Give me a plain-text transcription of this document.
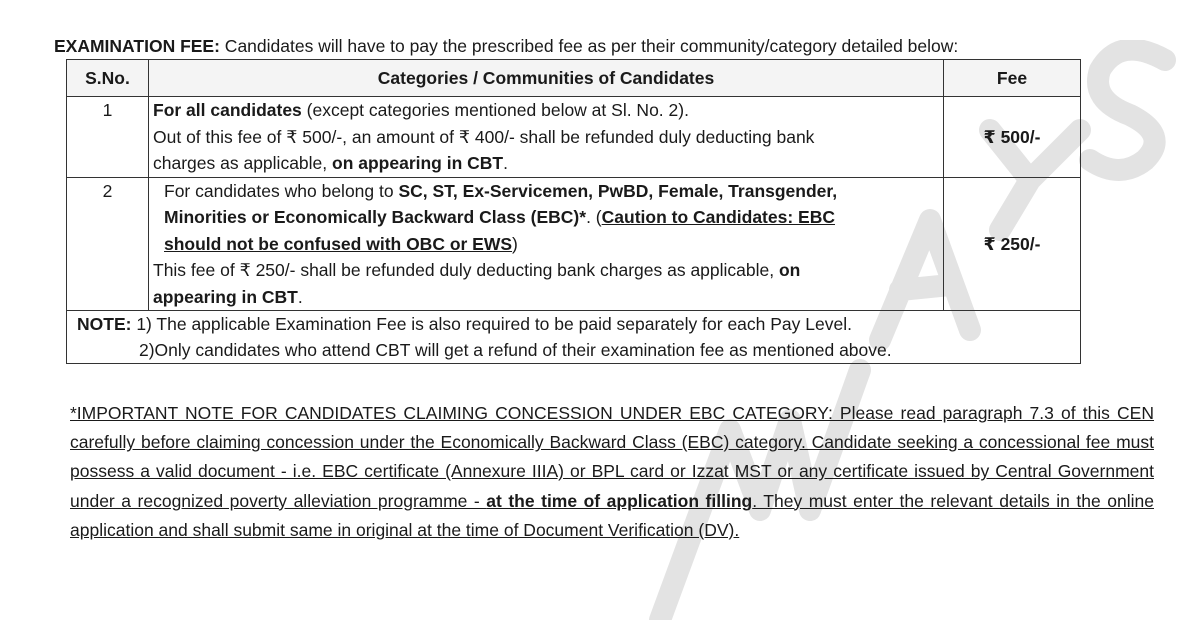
EXAMINATION FEE: Candidates will have to pay the prescribed fee as per their community/category detailed below:
S.No.	Categories / Communities of Candidates	Fee
1	For all candidates (except categories mentioned below at Sl. No. 2).
Out of this fee of ₹ 500/-, an amount of ₹ 400/- shall be refunded duly deducting bank
charges as applicable, on appearing in CBT.	₹ 500/-
2	For candidates who belong to SC, ST, Ex-Servicemen, PwBD, Female, Transgender,
Minorities or Economically Backward Class (EBC)*. (Caution to Candidates: EBC
should not be confused with OBC or EWS)
This fee of ₹ 250/- shall be refunded duly deducting bank charges as applicable, on
appearing in CBT.	₹ 250/-

NOTE: 1) The applicable Examination Fee is also required to be paid separately for each Pay Level.
2)Only candidates who attend CBT will get a refund of their examination fee as mentioned above.		
*IMPORTANT NOTE FOR CANDIDATES CLAIMING CONCESSION UNDER EBC CATEGORY: Please read paragraph 7.3 of this CEN carefully before claiming concession under the Economically Backward Class (EBC) category. Candidate seeking a concessional fee must possess a valid document - i.e. EBC certificate (Annexure IIIA) or BPL card or Izzat MST or any certificate issued by Central Government under a recognized poverty alleviation programme - at the time of application filling. They must enter the relevant details in the online application and shall submit same in original at the time of Document Verification (DV).
